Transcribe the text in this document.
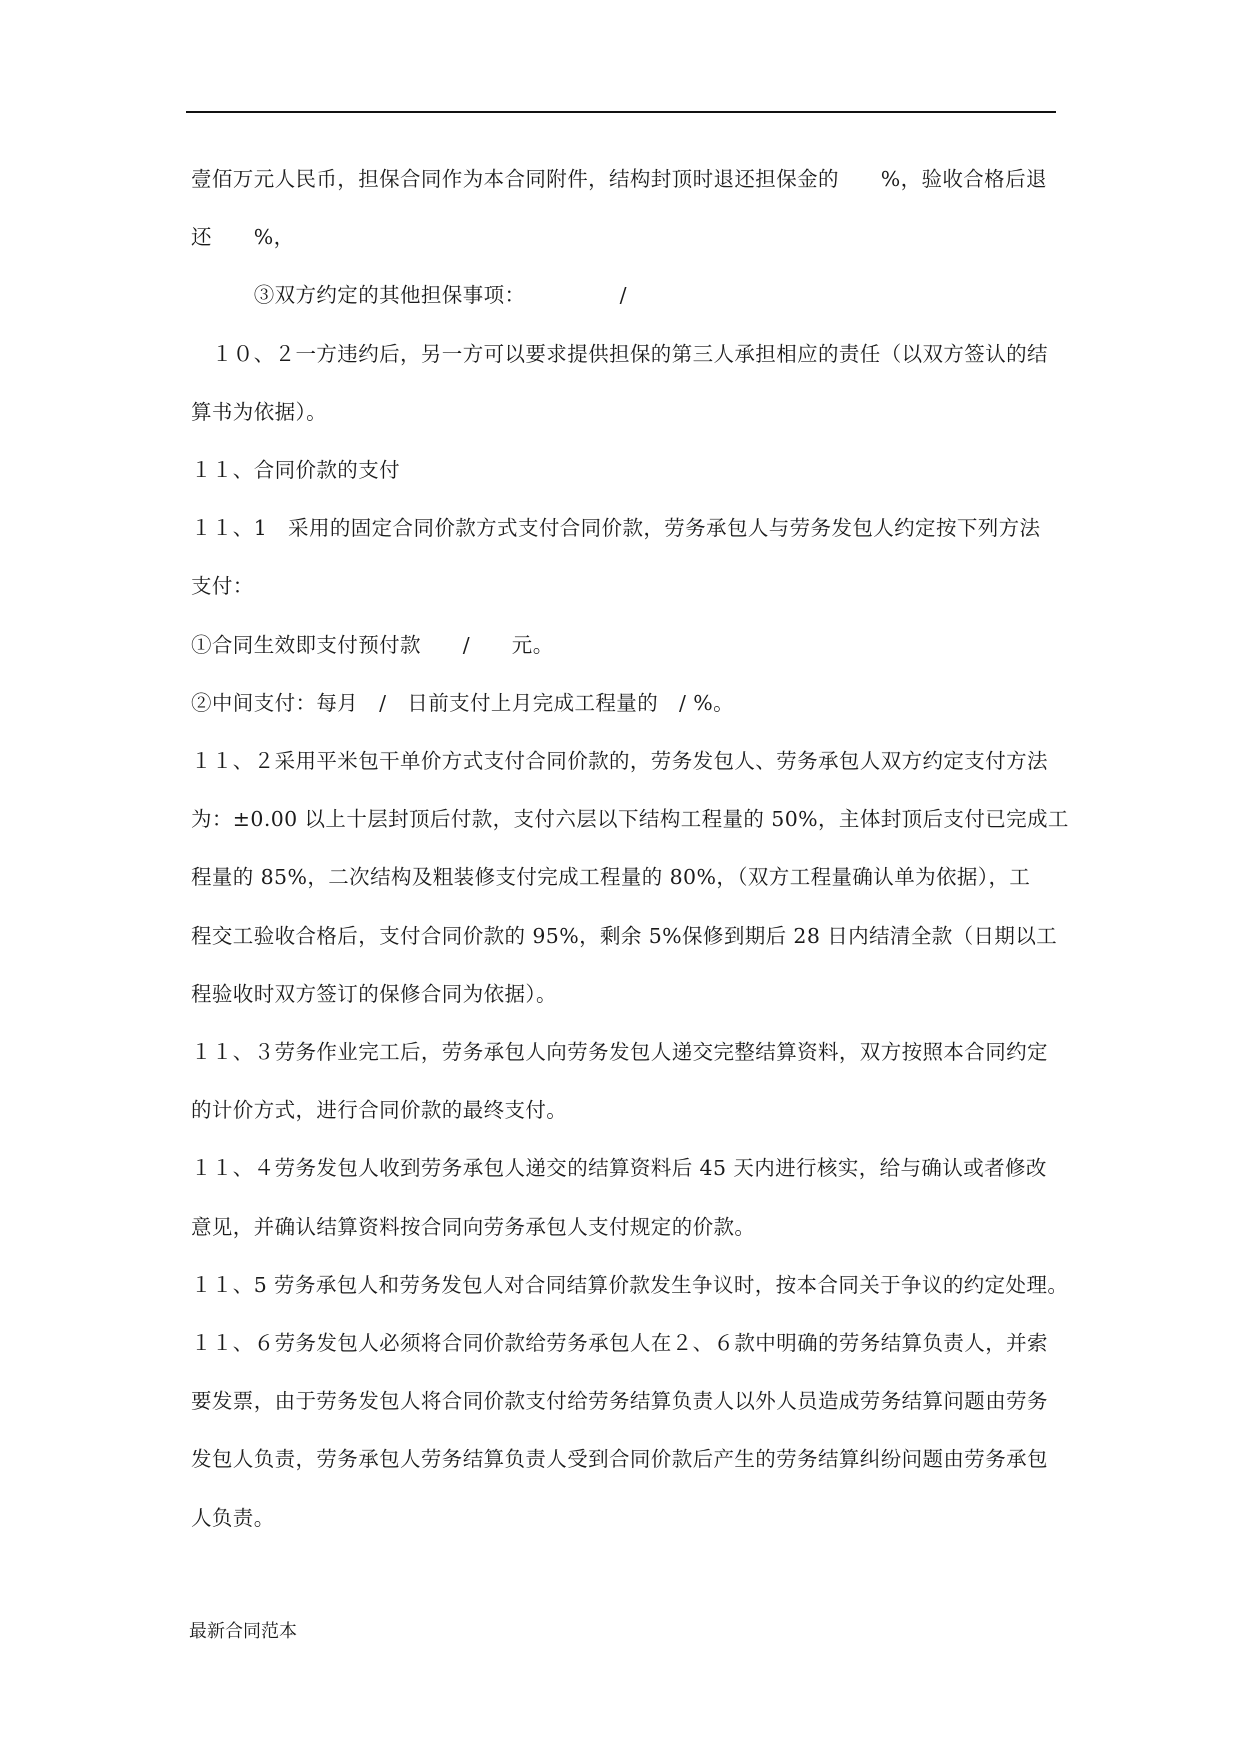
壹佰万元人民币，担保合同作为本合同附件，结构封顶时退还担保金的　　%，验收合格后退
还　　%，
　　　③双方约定的其他担保事项：　　　　　/
　１０、２一方违约后，另一方可以要求提供担保的第三人承担相应的责任（以双方签认的结
算书为依据）。
１１、合同价款的支付
１１、1　采用的固定合同价款方式支付合同价款，劳务承包人与劳务发包人约定按下列方法
支付：
①合同生效即支付预付款　　/　　元。
②中间支付：每月　/　日前支付上月完成工程量的　/ %。
１１、２采用平米包干单价方式支付合同价款的，劳务发包人、劳务承包人双方约定支付方法
为：±0.00 以上十层封顶后付款，支付六层以下结构工程量的 50%，主体封顶后支付已完成工
程量的 85%，二次结构及粗装修支付完成工程量的 80%，（双方工程量确认单为依据），工
程交工验收合格后，支付合同价款的 95%，剩余 5%保修到期后 28 日内结清全款（日期以工
程验收时双方签订的保修合同为依据）。
１１、３劳务作业完工后，劳务承包人向劳务发包人递交完整结算资料，双方按照本合同约定
的计价方式，进行合同价款的最终支付。
１１、４劳务发包人收到劳务承包人递交的结算资料后 45 天内进行核实，给与确认或者修改
意见，并确认结算资料按合同向劳务承包人支付规定的价款。
１１、5 劳务承包人和劳务发包人对合同结算价款发生争议时，按本合同关于争议的约定处理。
１１、６劳务发包人必须将合同价款给劳务承包人在２、６款中明确的劳务结算负责人，并索
要发票，由于劳务发包人将合同价款支付给劳务结算负责人以外人员造成劳务结算问题由劳务
发包人负责，劳务承包人劳务结算负责人受到合同价款后产生的劳务结算纠纷问题由劳务承包
人负责。
最新合同范本
